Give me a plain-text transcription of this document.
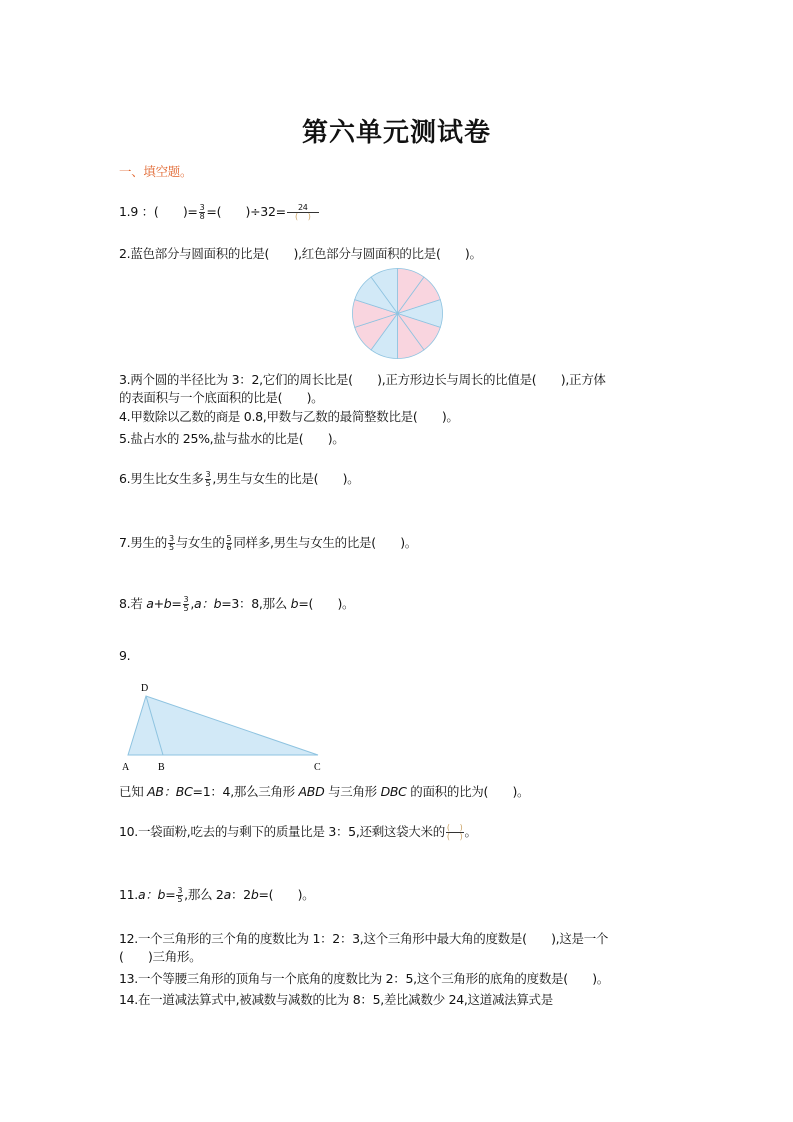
第六单元测试卷
一、填空题。
1.9 ：(　　)= $\frac{3}{8}$ =(　　)÷32=	24
(　 )
2.蓝色部分与圆面积的比是(　　),红色部分与圆面积的比是(　　)。
3.两个圆的半径比为 3：2,它们的周长比是(　　),正方形边长与周长的比值是(　　),正方体
的表面积与一个底面积的比是(　　)。
4.甲数除以乙数的商是 0.8,甲数与乙数的最简整数比是(　　)。
5.盐占水的 25%,盐与盐水的比是(　　)。
6.男生比女生多 $\frac{3}{5}$ ,男生与女生的比是(　　)。
7.男生的 $\frac{3}{5}$ 与女生的 $\frac{5}{6}$ 同样多,男生与女生的比是(　　)。
8.若 $a+b= \frac{3}{5} ,a$：b=3：8,那么 b=(　　)。
9.
D
A	B	C
已知 AB：BC=1：4,那么三角形 ABD 与三角形 DBC 的面积的比为(　　)。
10.一袋面粉,吃去的与剩下的质量比是 3：5,还剩这袋大米的 (　 )
(　 ) 。
11.a：$b= \frac{3}{5}$ ,那么 2a：2b=(　　)。
12.一个三角形的三个角的度数比为 1：2：3,这个三角形中最大角的度数是(　　),这是一个
(　　)三角形。
13.一个等腰三角形的顶角与一个底角的度数比为 2：5,这个三角形的底角的度数是(　　)。
14.在一道减法算式中,被减数与减数的比为 8：5,差比减数少 24,这道减法算式是
